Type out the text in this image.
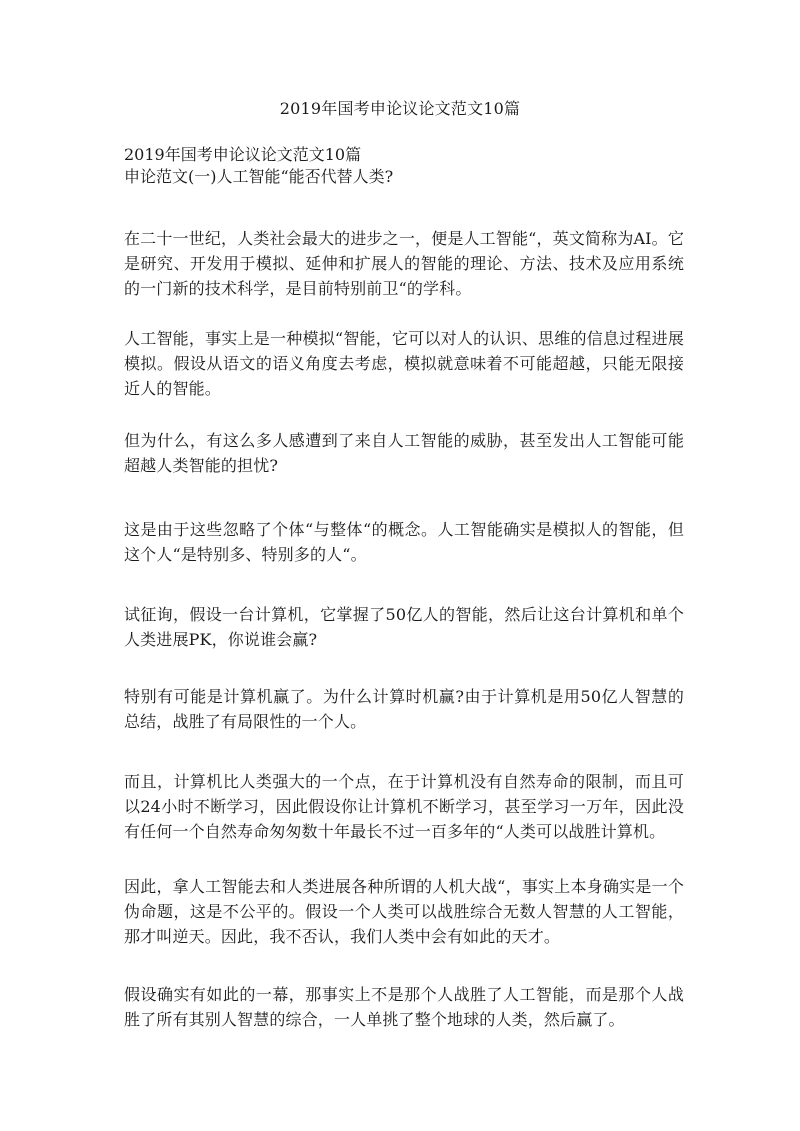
2019年国考申论议论文范文10篇
2019年国考申论议论文范文10篇
申论范文(一)人工智能“能否代替人类?

在二十一世纪，人类社会最大的进步之一，便是人工智能“，英文简称为AI。它是研究、开发用于模拟、延伸和扩展人的智能的理论、方法、技术及应用系统的一门新的技术科学，是目前特别前卫“的学科。

人工智能，事实上是一种模拟“智能，它可以对人的认识、思维的信息过程进展模拟。假设从语文的语义角度去考虑，模拟就意味着不可能超越，只能无限接近人的智能。

但为什么，有这么多人感遭到了来自人工智能的威胁，甚至发出人工智能可能超越人类智能的担忧?

这是由于这些忽略了个体“与整体“的概念。人工智能确实是模拟人的智能，但这个人“是特别多、特别多的人“。

试征询，假设一台计算机，它掌握了50亿人的智能，然后让这台计算机和单个人类进展PK，你说谁会赢?

特别有可能是计算机赢了。为什么计算时机赢?由于计算机是用50亿人智慧的总结，战胜了有局限性的一个人。

而且，计算机比人类强大的一个点，在于计算机没有自然寿命的限制，而且可以24小时不断学习，因此假设你让计算机不断学习，甚至学习一万年，因此没有任何一个自然寿命匆匆数十年最长不过一百多年的“人类可以战胜计算机。

因此，拿人工智能去和人类进展各种所谓的人机大战“，事实上本身确实是一个伪命题，这是不公平的。假设一个人类可以战胜综合无数人智慧的人工智能，那才叫逆天。因此，我不否认，我们人类中会有如此的天才。

假设确实有如此的一幕，那事实上不是那个人战胜了人工智能，而是那个人战胜了所有其别人智慧的综合，一人单挑了整个地球的人类，然后赢了。
